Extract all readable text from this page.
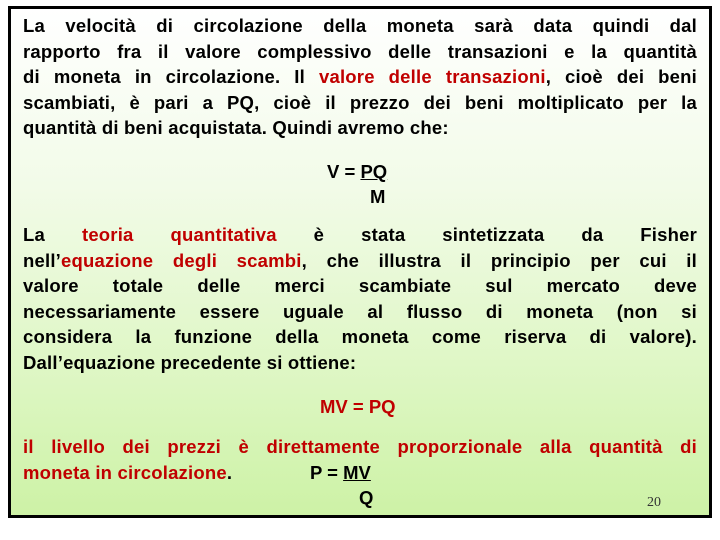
La velocità di circolazione della moneta sarà data quindi dal
rapporto fra il valore complessivo delle transazioni e la quantità
di moneta in circolazione. Il valore delle transazioni, cioè dei beni
scambiati, è pari a PQ, cioè il prezzo dei beni moltiplicato per la
quantità di beni acquistata. Quindi avremo che:
V = PQ
M
La teoria quantitativa è stata sintetizzata da Fisher
nell’equazione degli scambi, che illustra il principio per cui il
valore totale delle merci scambiate sul mercato deve
necessariamente essere uguale al flusso di moneta (non si
considera la funzione della moneta come riserva di valore).
Dall’equazione precedente si ottiene:
MV = PQ
il livello dei prezzi è direttamente proporzionale alla quantità di
moneta in circolazione.	P = MV
Q	20
